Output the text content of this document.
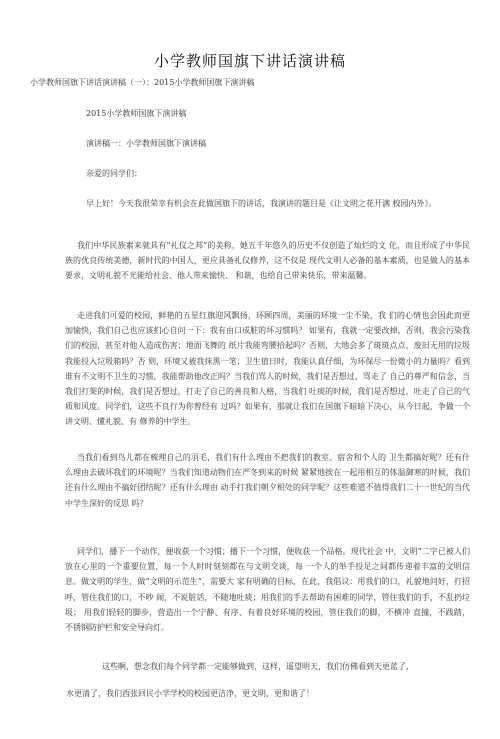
小学教师国旗下讲话演讲稿
小学教师国旗下讲话演讲稿（一）：2015小学教师国旗下演讲稿
2015小学教师国旗下演讲稿
演讲稿一：小学教师国旗下演讲稿
亲爱的同学们：
早上好！今天我很荣幸有机会在此做国旗下的讲话，我演讲的题目是《让文明之花开满 校园内外》。
我们中华民族素来就具有”礼仪之邦”的美称，她五千年悠久的历史不仅创造了灿烂的文 化，而且形成了中华民族的优良传统美德，新时代的中国人，更应具备礼仪修养，这不仅是 现代文明人必备的基本素质，也是做人的基本要求，文明礼貌不光能给社会、他人带来愉快、 和谐，也给自己带来快乐，带来温馨。
走进我们可爱的校园，鲜艳的五星红旗迎风飘扬，环顾四周，美丽的环境一尘不染，我 们的心情也会因此而更加愉快，我们自己也应该扪心自问一下：我有由口成脏的坏习惯吗？ 如果有，我就一定要改掉，否则，我会污染我们的校园，甚至对他人造成伤害；地面飞舞的 纸片我能弯腰拾起吗？否则，大地会多了斑斑点点，废旧无用的垃圾我能投入垃圾箱吗？否 则，环境又被我抹黑一笔；卫生值日时，我能认真仔细，为环保尽一份微小的力量吗？看到 谁有不文明不卫生的习惯，我能帮助他改正吗？当我们骂人的时候，我们是否想过，骂走了 自己的尊严和信念，当我们打架的时候，我们是否想过，打走了自己的善良和人格，当我们 吐痰的时候，我们是否想过，吐走了自己的气质和风度。同学们，这些不良行为你曾经有 过吗？如果有，那就让我们在国旗下暗暗下决心，从今日起，争做一个讲文明、懂礼貌、有 修养的中学生。
当我们看到鸟儿都在梳理自己的羽毛，我们有什么理由不把我们的教室、宿舍和个人的 卫生都搞好呢？还有什么理由去破坏我们的环境呢？当我们知道动物们在严冬到来的时候 紧紧地挨在一起用相互的体温御寒的时候，我们还有什么理由不搞好团结呢？还有什么理由 动手打我们朝夕相处的同学呢？这些难道不值得我们二十一世纪的当代中学生深好的反思 吗？
同学们，播下一个动作，便收获一个习惯；播下一个习惯，便收获一个品格。现代社会 中，文明”二字已被人们放在心里的一个重要位置，每一个人时时刻刻都在与文明交谈，每 一个人的举手投足之间都传递着丰富的文明信息。做文明的学生，做”文明的示范生”，需要大 家有明确的目标，在此，我倡议：用我们的口，礼貌地问好，打招呼，管住我们的口，不吵 闹，不说脏话，不随地吐痰；用我们的手去帮助有困难的同学，管住我们的手，不乱扔垃圾； 用我们轻轻的脚步，营造出一个宁静、有序、有着良好环境的校园，管住我们的脚，不横冲 直撞，不践踏，不锈钢防护栏和安全导向灯。
这些啊，想念我们每个同学都一定能够做到，这样，遥望明天，我们仿佛看到天更蓝了,
水更清了，我们西张回民小学学校的校园更洁净，更文明，更和谐了！
